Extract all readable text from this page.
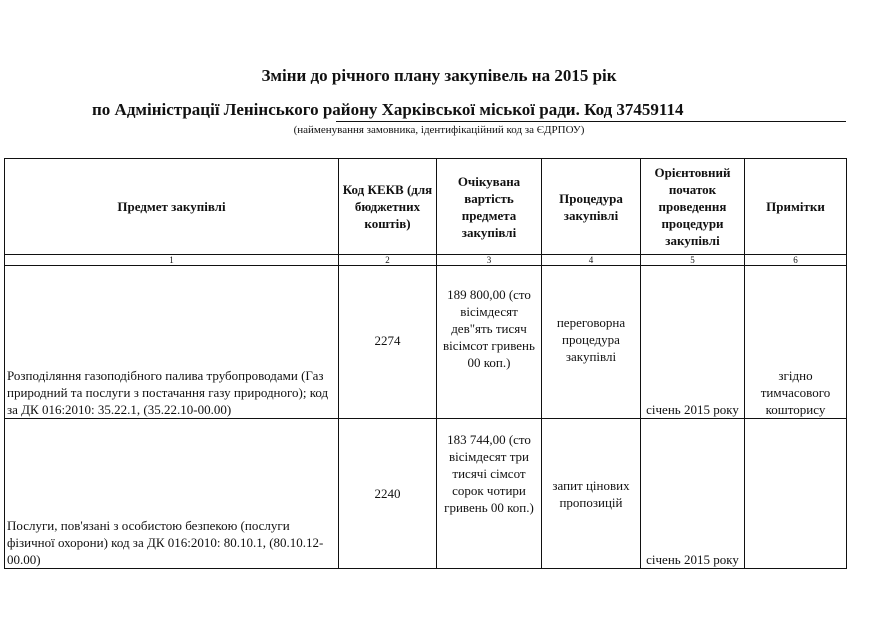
Зміни до річного плану закупівель на 2015 рік
по Адміністрації Ленінського району Харківської міської ради. Код 37459114
(найменування замовника, ідентифікаційний код за ЄДРПОУ)
Предмет закупівлі	Код КЕКВ (для бюджетних коштів)	Очікувана вартість предмета закупівлі	Процедура закупівлі	Орієнтовний початок проведення процедури закупівлі	Примітки
1	2	3	4	5	6
Розподіляння газоподібного палива трубопроводами (Газ природний та послуги з постачання газу природного); код за ДК 016:2010: 35.22.1, (35.22.10-00.00)	2274	189 800,00 (сто вісімдесят дев"ять тисяч вісімсот гривень 00 коп.)	переговорна процедура закупівлі	січень 2015 року	згідно тимчасового кошторису
Послуги, пов'язані з особистою безпекою (послуги фізичної охорони) код за ДК 016:2010: 80.10.1, (80.10.12-00.00)	2240	183 744,00 (сто вісімдесят три тисячі сімсот сорок чотири гривень 00 коп.)	запит цінових пропозицій	січень 2015 року	
